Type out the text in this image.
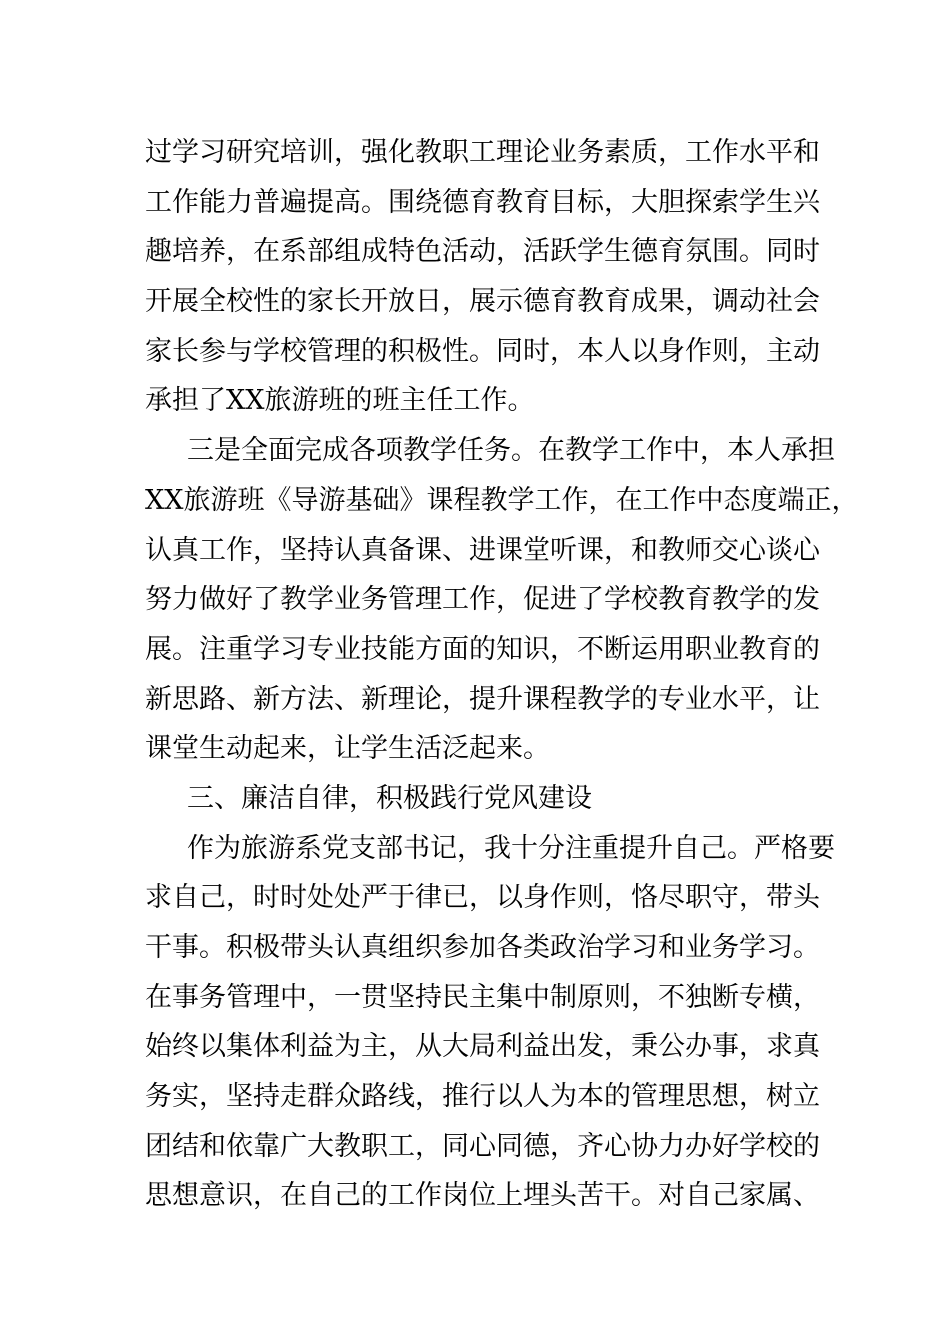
过学习研究培训，强化教职工理论业务素质，工作水平和
工作能力普遍提高。围绕德育教育目标，大胆探索学生兴
趣培养，在系部组成特色活动，活跃学生德育氛围。同时
开展全校性的家长开放日，展示德育教育成果，调动社会
家长参与学校管理的积极性。同时，本人以身作则，主动
承担了XX旅游班的班主任工作。
三是全面完成各项教学任务。在教学工作中，本人承担
XX旅游班《导游基础》课程教学工作，在工作中态度端正，
认真工作，坚持认真备课、进课堂听课，和教师交心谈心
努力做好了教学业务管理工作，促进了学校教育教学的发
展。注重学习专业技能方面的知识，不断运用职业教育的
新思路、新方法、新理论，提升课程教学的专业水平，让
课堂生动起来，让学生活泛起来。
三、廉洁自律，积极践行党风建设
作为旅游系党支部书记，我十分注重提升自己。严格要
求自己，时时处处严于律已，以身作则，恪尽职守，带头
干事。积极带头认真组织参加各类政治学习和业务学习。
在事务管理中，一贯坚持民主集中制原则，不独断专横，
始终以集体利益为主，从大局利益出发，秉公办事，求真
务实，坚持走群众路线，推行以人为本的管理思想，树立
团结和依靠广大教职工，同心同德，齐心协力办好学校的
思想意识，在自己的工作岗位上埋头苦干。对自己家属、
